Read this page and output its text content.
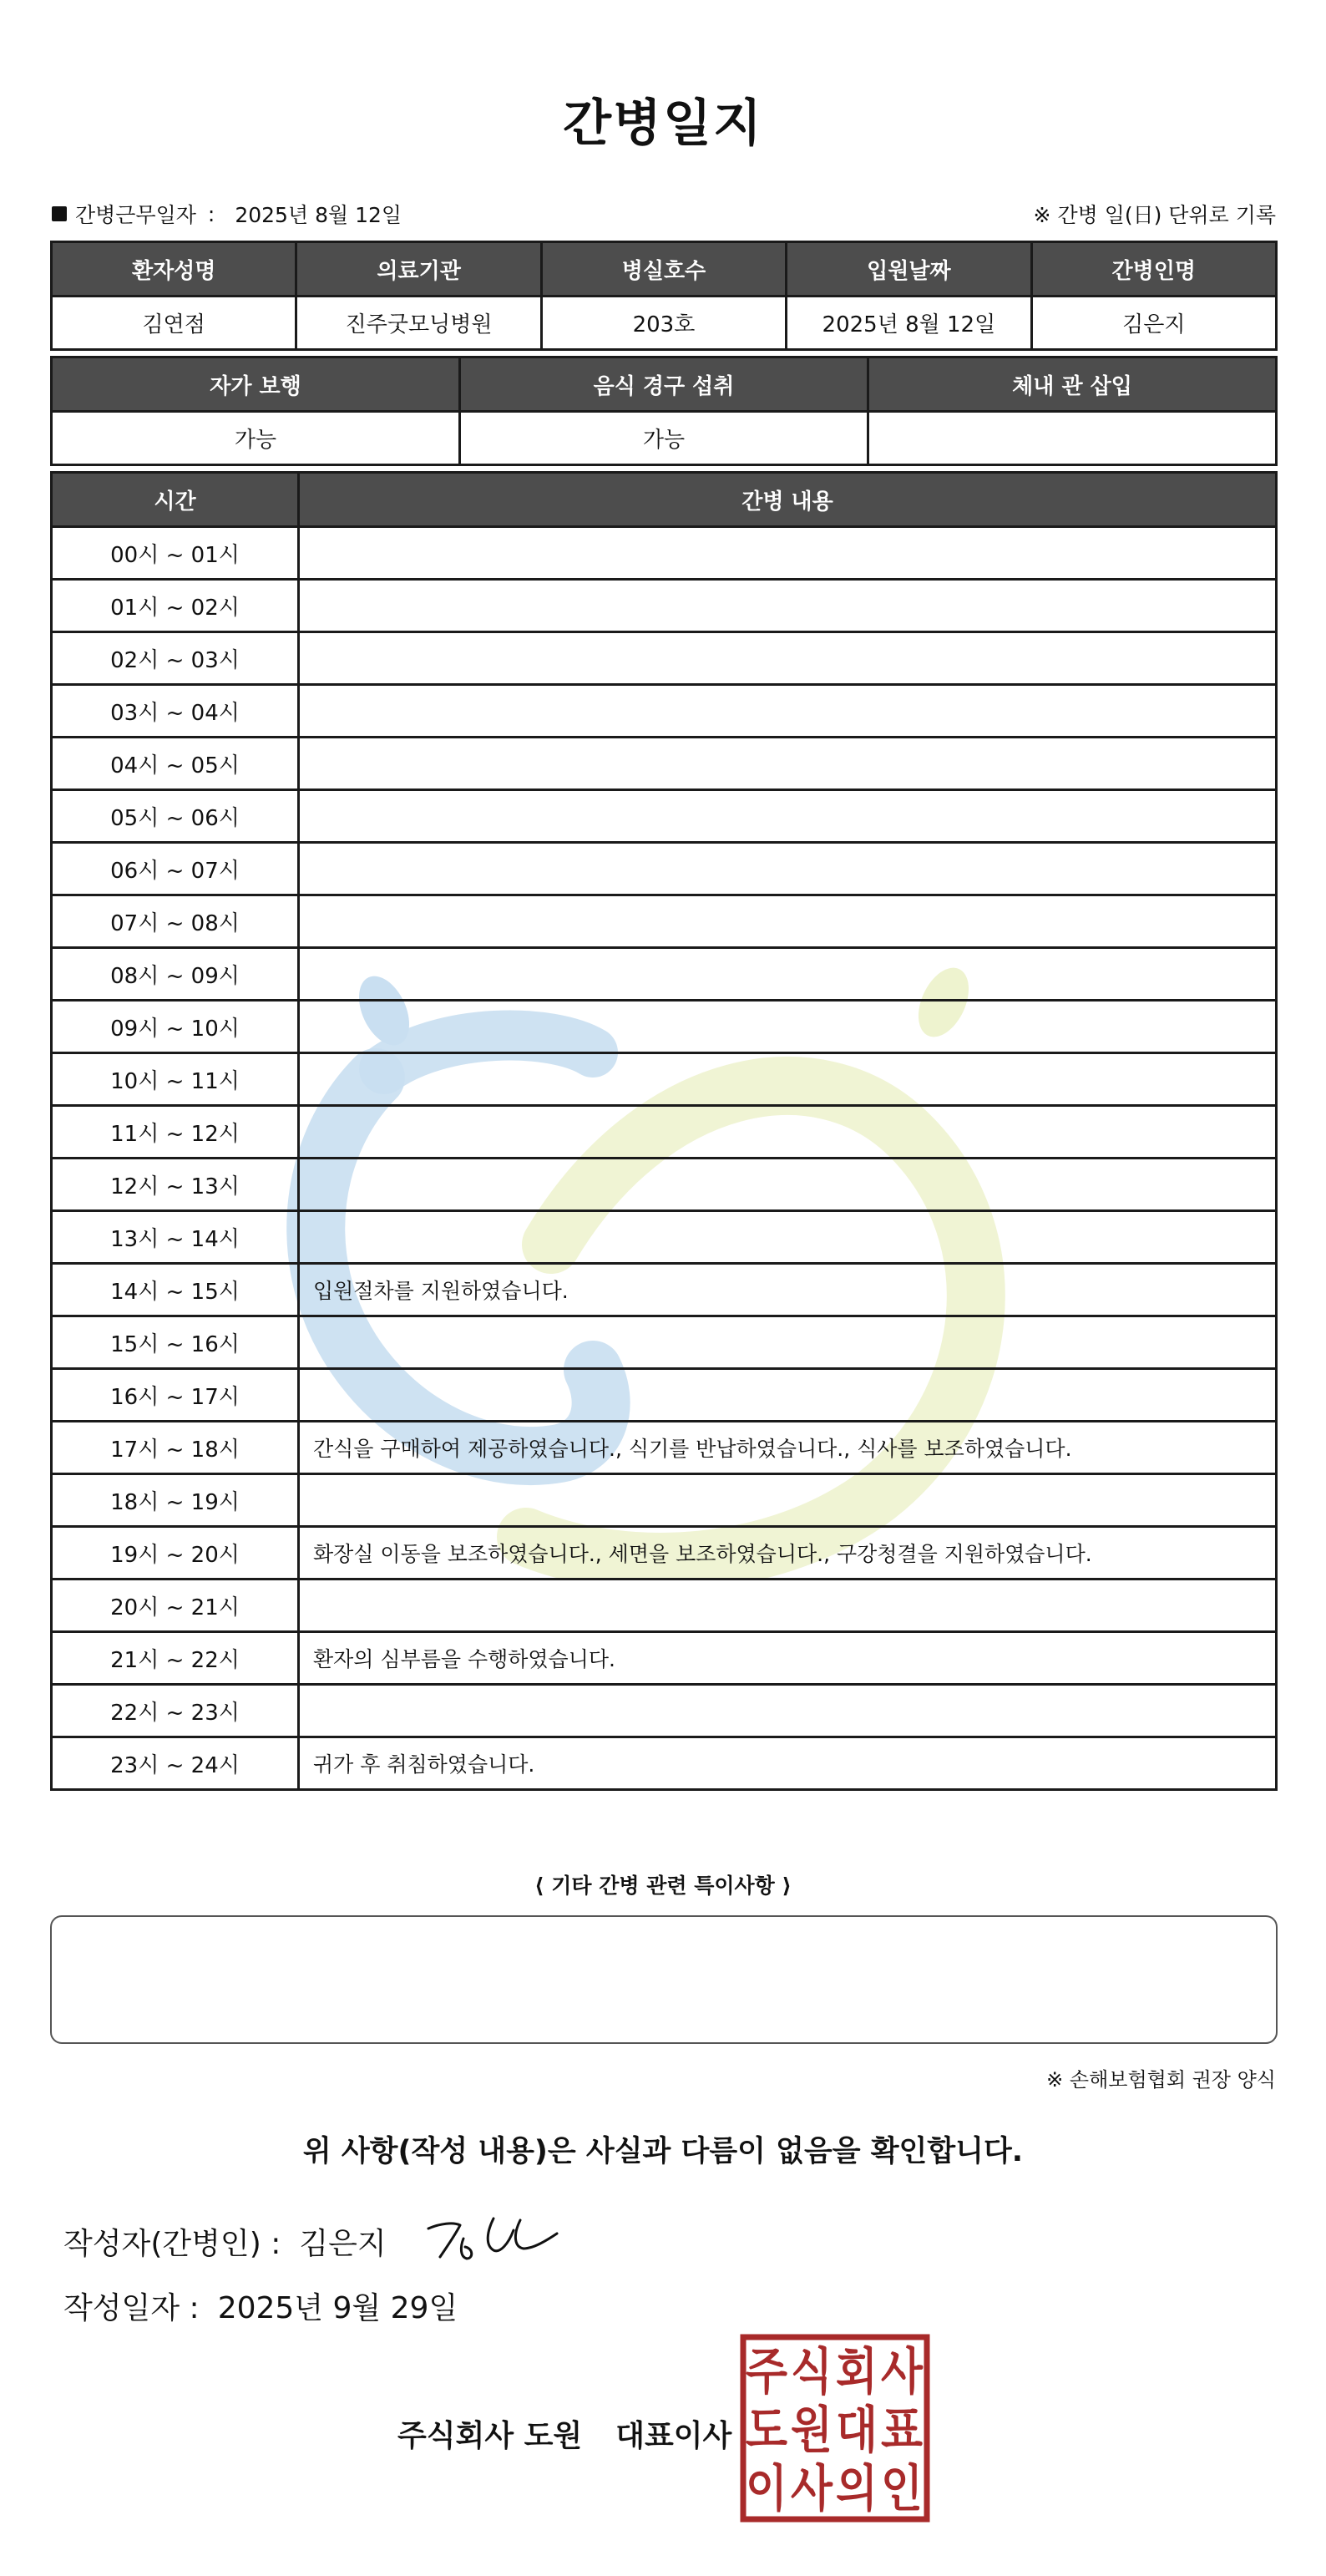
간병일지
간병근무일자 : 2025년 8월 12일	※ 간병 일(日) 단위로 기록
환자성명	의료기관	병실호수	입원날짜	간병인명
김연점	진주굿모닝병원	203호	2025년 8월 12일	김은지
자가 보행	음식 경구 섭취	체내 관 삽입
가능	가능	
시간	간병 내용
00시 ~ 01시	
01시 ~ 02시	
02시 ~ 03시	
03시 ~ 04시	
04시 ~ 05시	
05시 ~ 06시	
06시 ~ 07시	
07시 ~ 08시	
08시 ~ 09시	
09시 ~ 10시	
10시 ~ 11시	
11시 ~ 12시	
12시 ~ 13시	
13시 ~ 14시	
14시 ~ 15시	입원절차를 지원하였습니다.
15시 ~ 16시	
16시 ~ 17시	
17시 ~ 18시	간식을 구매하여 제공하였습니다., 식기를 반납하였습니다., 식사를 보조하였습니다.
18시 ~ 19시	
19시 ~ 20시	화장실 이동을 보조하였습니다., 세면을 보조하였습니다., 구강청결을 지원하였습니다.
20시 ~ 21시	
21시 ~ 22시	환자의 심부름을 수행하였습니다.
22시 ~ 23시	
23시 ~ 24시	귀가 후 취침하였습니다.
⟨ 기타 간병 관련 특이사항 ⟩
※ 손해보험협회 권장 양식
위 사항(작성 내용)은 사실과 다름이 없음을 확인합니다.
작성자(간병인) : 김은지
작성일자 : 2025년 9월 29일
주식회사 도원 대표이사
주 식 회 사
도 원 대 표
이 사 의 인
